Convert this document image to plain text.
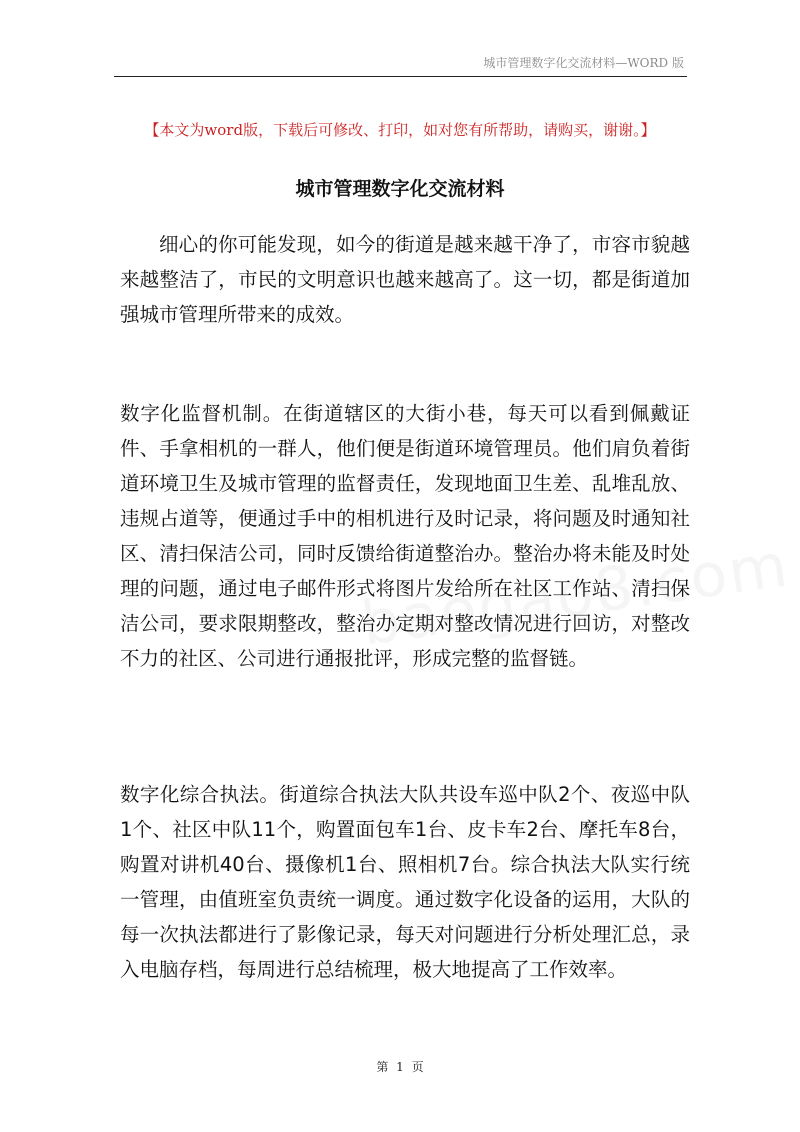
城市管理数字化交流材料—WORD 版
【本文为word版，下载后可修改、打印，如对您有所帮助，请购买，谢谢。】
城市管理数字化交流材料

细心的你可能发现，如今的街道是越来越干净了，市容市貌越来越整洁了，市民的文明意识也越来越高了。这一切，都是街道加强城市管理所带来的成效。

数字化监督机制。在街道辖区的大街小巷，每天可以看到佩戴证件、手拿相机的一群人，他们便是街道环境管理员。他们肩负着街道环境卫生及城市管理的监督责任，发现地面卫生差、乱堆乱放、违规占道等，便通过手中的相机进行及时记录，将问题及时通知社区、清扫保洁公司，同时反馈给街道整治办。整治办将未能及时处理的问题，通过电子邮件形式将图片发给所在社区工作站、清扫保洁公司，要求限期整改，整治办定期对整改情况进行回访，对整改不力的社区、公司进行通报批评，形成完整的监督链。

数字化综合执法。街道综合执法大队共设车巡中队2个、夜巡中队1个、社区中队11个，购置面包车1台、皮卡车2台、摩托车8台，购置对讲机40台、摄像机1台、照相机7台。综合执法大队实行统一管理，由值班室负责统一调度。通过数字化设备的运用，大队的每一次执法都进行了影像记录，每天对问题进行分析处理汇总，录入电脑存档，每周进行总结梳理，极大地提高了工作效率。

第 1 页
